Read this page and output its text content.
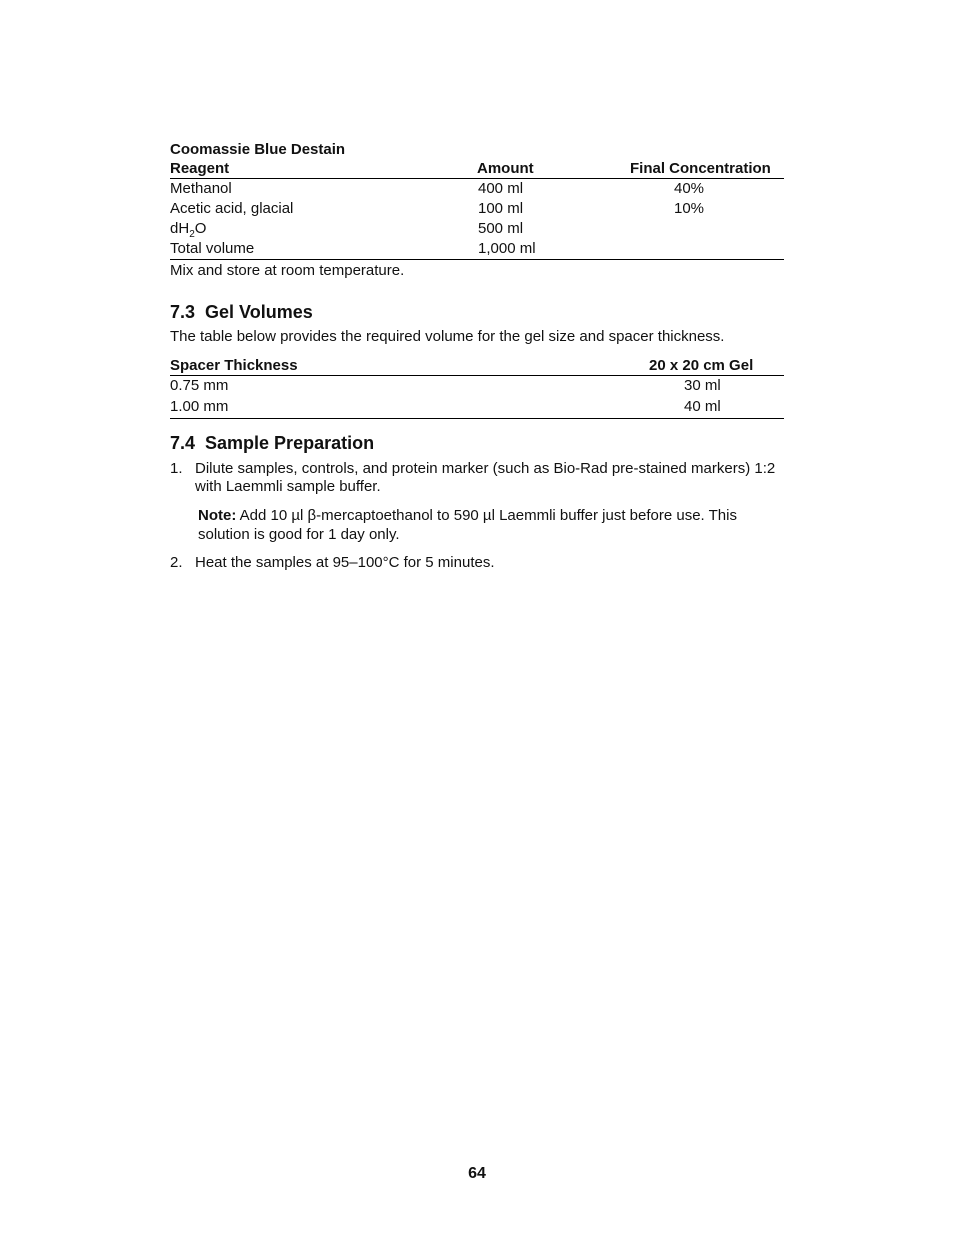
Coomassie Blue Destain

Reagent	Amount	Final Concentration
Methanol	400 ml	40%
Acetic acid, glacial	100 ml	10%
$dH_2O$	500 ml
Total volume	1,000 ml
Mix and store at room temperature.
7.3  Gel Volumes

The table below provides the required volume for the gel size and spacer thickness.

Spacer Thickness	20 x 20 cm Gel
0.75 mm	30 ml
1.00 mm	40 ml
7.4  Sample Preparation
1. Dilute samples, controls, and protein marker (such as Bio-Rad pre-stained markers) 1:2 with Laemmli sample buffer.
Note: Add 10 µl β-mercaptoethanol to 590 µl Laemmli buffer just before use. This solution is good for 1 day only.
2. Heat the samples at 95–100°C for 5 minutes.
64
